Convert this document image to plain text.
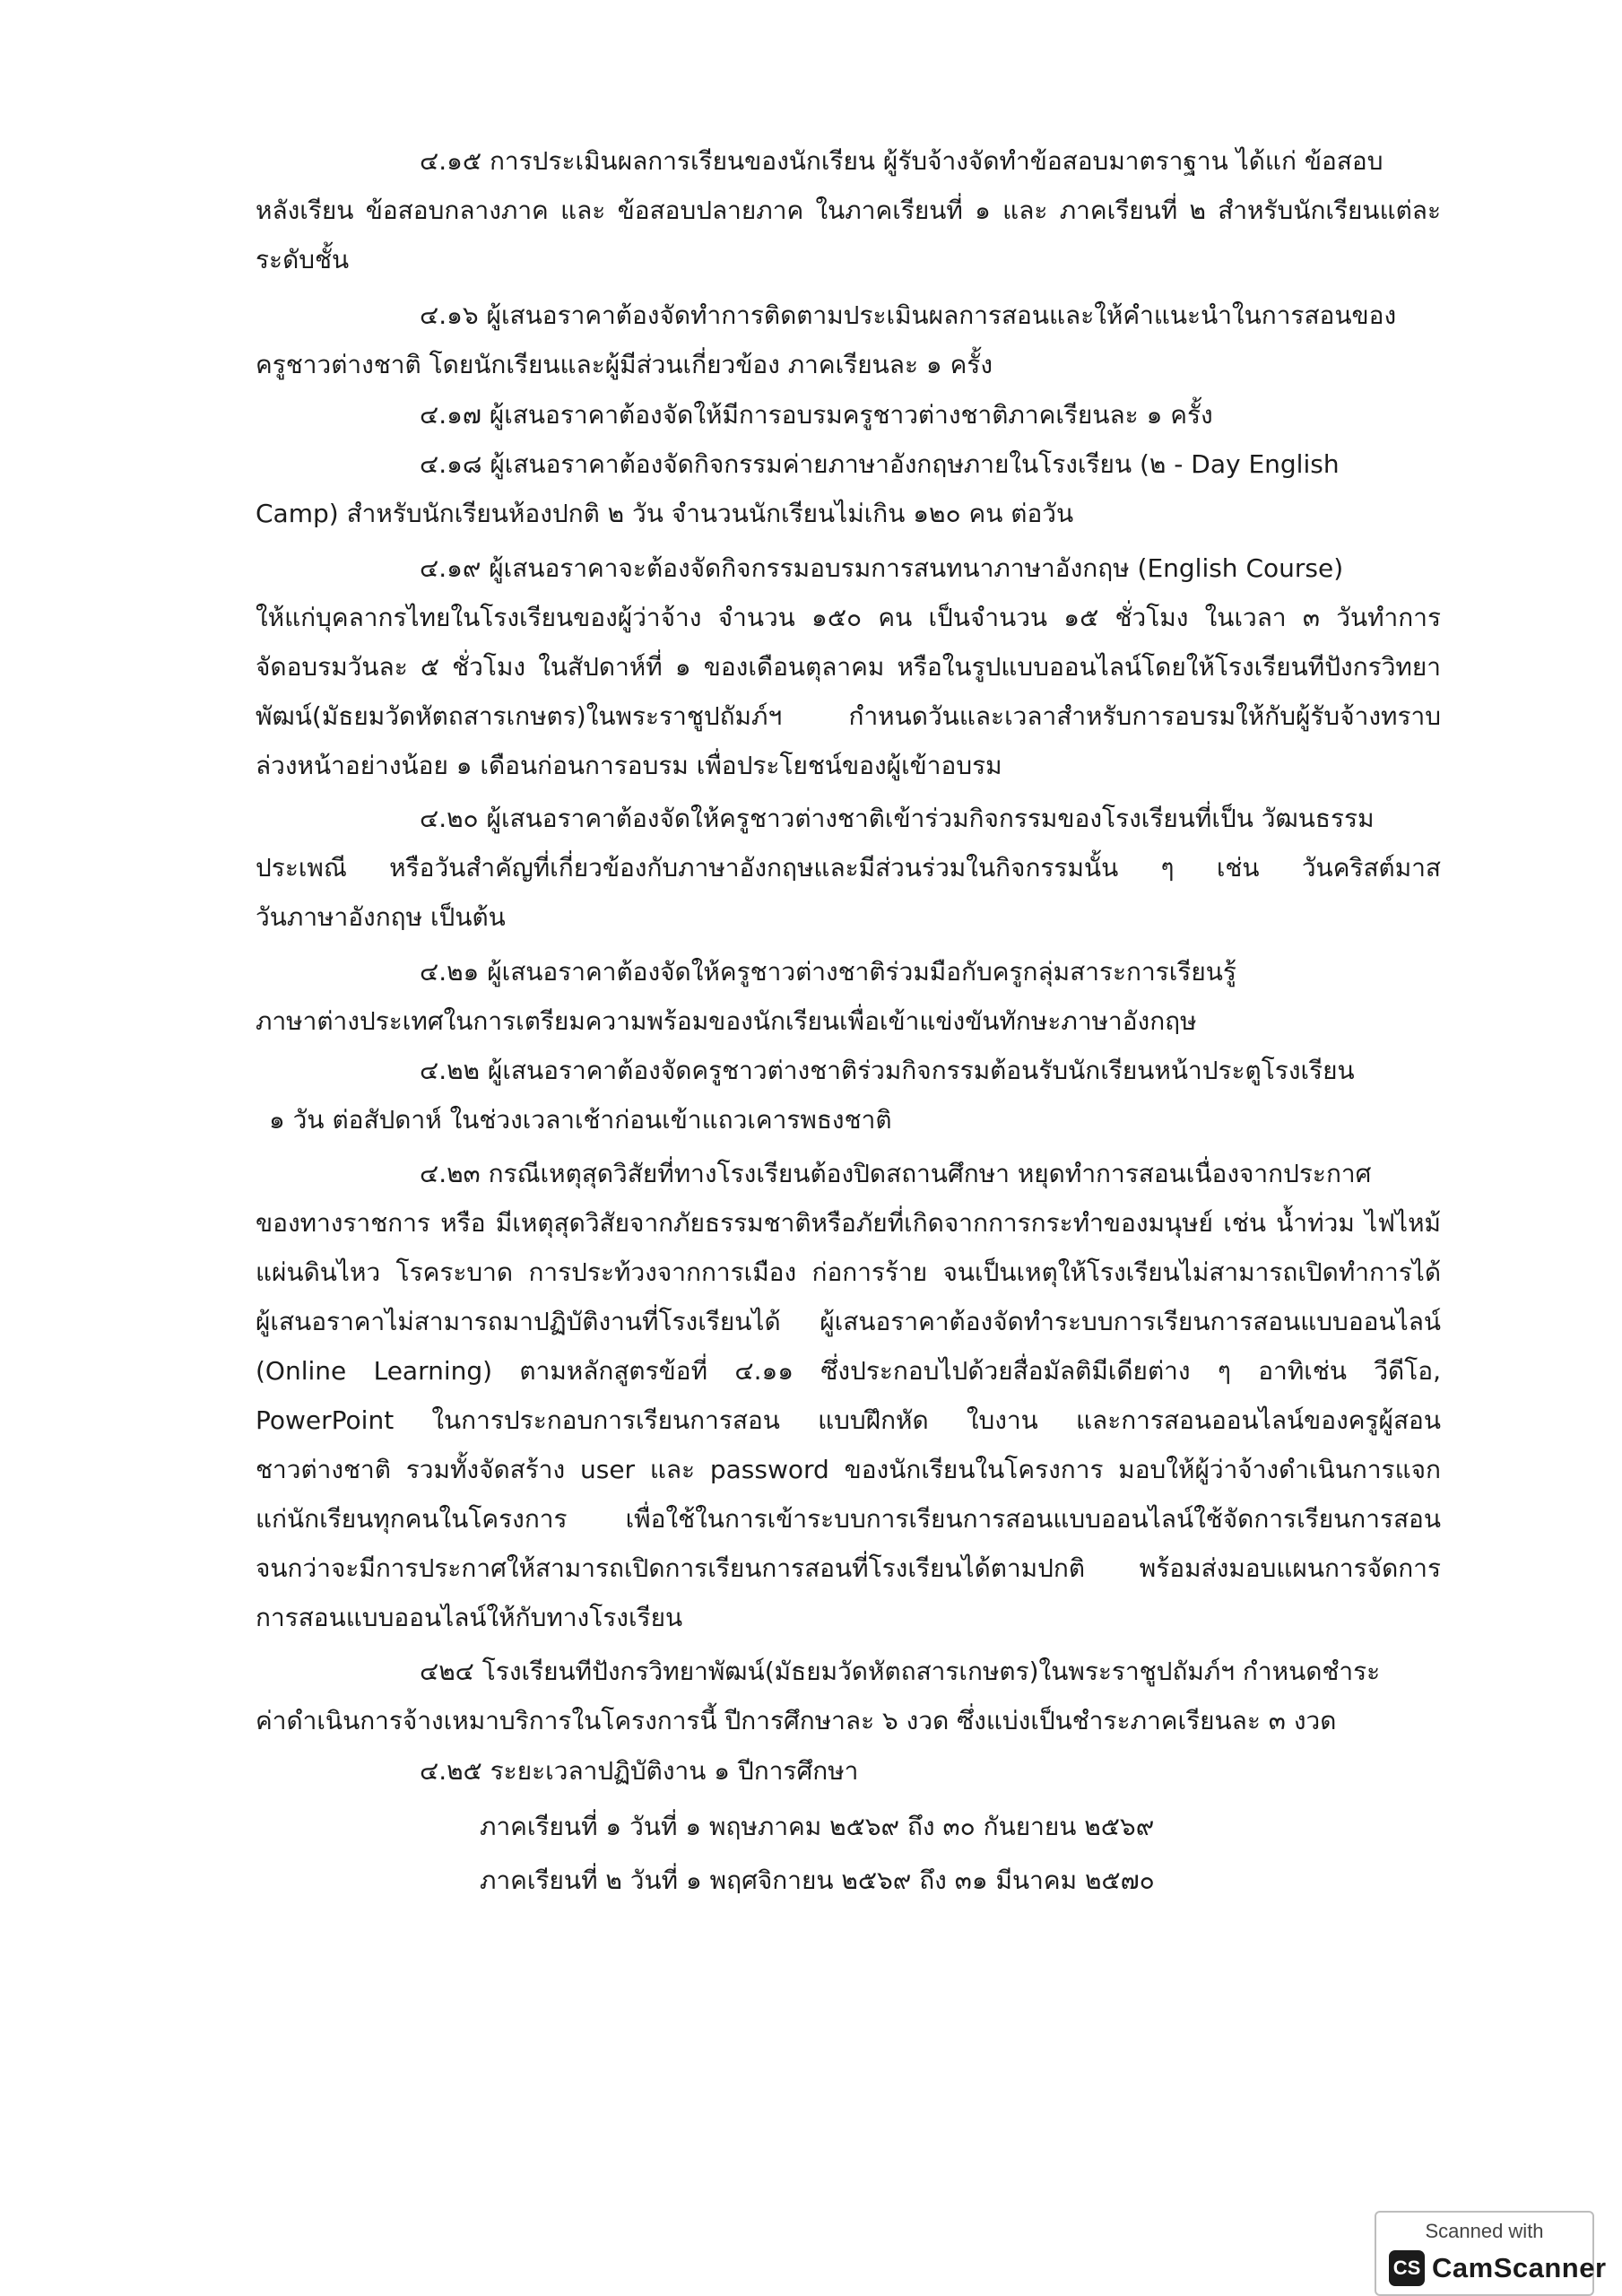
๔.๑๕ การประเมินผลการเรียนของนักเรียน ผู้รับจ้างจัดทำข้อสอบมาตราฐาน ได้แก่ ข้อสอบ
หลังเรียน ข้อสอบกลางภาค และ ข้อสอบปลายภาค ในภาคเรียนที่ ๑ และ ภาคเรียนที่ ๒ สำหรับนักเรียนแต่ละ
ระดับชั้น
๔.๑๖ ผู้เสนอราคาต้องจัดทำการติดตามประเมินผลการสอนและให้คำแนะนำในการสอนของ
ครูชาวต่างชาติ โดยนักเรียนและผู้มีส่วนเกี่ยวข้อง ภาคเรียนละ ๑ ครั้ง
๔.๑๗ ผู้เสนอราคาต้องจัดให้มีการอบรมครูชาวต่างชาติภาคเรียนละ ๑ ครั้ง
๔.๑๘ ผู้เสนอราคาต้องจัดกิจกรรมค่ายภาษาอังกฤษภายในโรงเรียน (๒ - Day English
Camp) สำหรับนักเรียนห้องปกติ ๒ วัน จำนวนนักเรียนไม่เกิน ๑๒๐ คน ต่อวัน
๔.๑๙ ผู้เสนอราคาจะต้องจัดกิจกรรมอบรมการสนทนาภาษาอังกฤษ (English Course)
ให้แก่บุคลากรไทยในโรงเรียนของผู้ว่าจ้าง จำนวน ๑๕๐ คน เป็นจำนวน ๑๕ ชั่วโมง ในเวลา ๓ วันทำการ
จัดอบรมวันละ ๕ ชั่วโมง ในสัปดาห์ที่ ๑ ของเดือนตุลาคม หรือในรูปแบบออนไลน์โดยให้โรงเรียนทีปังกรวิทยา
พัฒน์(มัธยมวัดหัตถสารเกษตร)ในพระราชูปถัมภ์ฯ กำหนดวันและเวลาสำหรับการอบรมให้กับผู้รับจ้างทราบ
ล่วงหน้าอย่างน้อย ๑ เดือนก่อนการอบรม เพื่อประโยชน์ของผู้เข้าอบรม
๔.๒๐ ผู้เสนอราคาต้องจัดให้ครูชาวต่างชาติเข้าร่วมกิจกรรมของโรงเรียนที่เป็น วัฒนธรรม
ประเพณี หรือวันสำคัญที่เกี่ยวข้องกับภาษาอังกฤษและมีส่วนร่วมในกิจกรรมนั้น ๆ เช่น วันคริสต์มาส
วันภาษาอังกฤษ เป็นต้น
๔.๒๑ ผู้เสนอราคาต้องจัดให้ครูชาวต่างชาติร่วมมือกับครูกลุ่มสาระการเรียนรู้
ภาษาต่างประเทศในการเตรียมความพร้อมของนักเรียนเพื่อเข้าแข่งขันทักษะภาษาอังกฤษ
๔.๒๒ ผู้เสนอราคาต้องจัดครูชาวต่างชาติร่วมกิจกรรมต้อนรับนักเรียนหน้าประตูโรงเรียน
๑ วัน ต่อสัปดาห์ ในช่วงเวลาเช้าก่อนเข้าแถวเคารพธงชาติ
๔.๒๓ กรณีเหตุสุดวิสัยที่ทางโรงเรียนต้องปิดสถานศึกษา หยุดทำการสอนเนื่องจากประกาศ
ของทางราชการ หรือ มีเหตุสุดวิสัยจากภัยธรรมชาติหรือภัยที่เกิดจากการกระทำของมนุษย์ เช่น น้ำท่วม ไฟไหม้
แผ่นดินไหว โรคระบาด การประท้วงจากการเมือง ก่อการร้าย จนเป็นเหตุให้โรงเรียนไม่สามารถเปิดทำการได้
ผู้เสนอราคาไม่สามารถมาปฏิบัติงานที่โรงเรียนได้ ผู้เสนอราคาต้องจัดทำระบบการเรียนการสอนแบบออนไลน์
(Online Learning) ตามหลักสูตรข้อที่ ๔.๑๑ ซึ่งประกอบไปด้วยสื่อมัลติมีเดียต่าง ๆ อาทิเช่น วีดีโอ,
PowerPoint ในการประกอบการเรียนการสอน แบบฝึกหัด ใบงาน และการสอนออนไลน์ของครูผู้สอน
ชาวต่างชาติ รวมทั้งจัดสร้าง user และ password ของนักเรียนในโครงการ มอบให้ผู้ว่าจ้างดำเนินการแจก
แก่นักเรียนทุกคนในโครงการ เพื่อใช้ในการเข้าระบบการเรียนการสอนแบบออนไลน์ใช้จัดการเรียนการสอน
จนกว่าจะมีการประกาศให้สามารถเปิดการเรียนการสอนที่โรงเรียนได้ตามปกติ พร้อมส่งมอบแผนการจัดการ
การสอนแบบออนไลน์ให้กับทางโรงเรียน
๔๒๔ โรงเรียนทีปังกรวิทยาพัฒน์(มัธยมวัดหัตถสารเกษตร)ในพระราชูปถัมภ์ฯ กำหนดชำระ
ค่าดำเนินการจ้างเหมาบริการในโครงการนี้ ปีการศึกษาละ ๖ งวด ซึ่งแบ่งเป็นชำระภาคเรียนละ ๓ งวด
๔.๒๕ ระยะเวลาปฏิบัติงาน ๑ ปีการศึกษา
ภาคเรียนที่ ๑ วันที่ ๑ พฤษภาคม ๒๕๖๙ ถึง ๓๐ กันยายน ๒๕๖๙
ภาคเรียนที่ ๒ วันที่ ๑ พฤศจิกายน ๒๕๖๙ ถึง ๓๑ มีนาคม ๒๕๗๐
Scanned with
CS CamScanner
